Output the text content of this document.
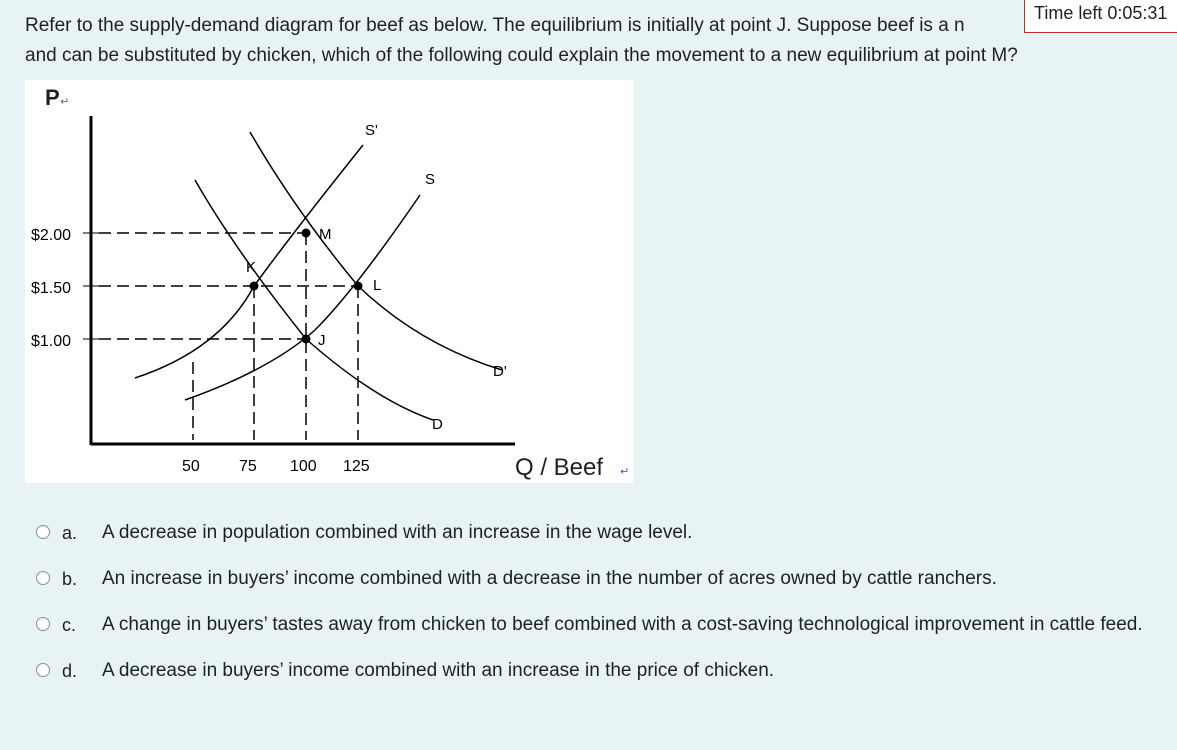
Refer to the supply-demand diagram for beef as below. The equilibrium is initially at point J. Suppose beef is a n
and can be substituted by chicken, which of the following could explain the movement to a new equilibrium at point M?
Time left 0:05:31
P ↵
$2.00
$1.50
$1.00
50 75 100 125	Q / Beef ↵
S'
S
D'
D
M
K
L
J
a.	A decrease in population combined with an increase in the wage level.
b.	An increase in buyers’ income combined with a decrease in the number of acres owned by cattle ranchers.
c.	A change in buyers’ tastes away from chicken to beef combined with a cost-saving technological improvement in cattle feed.
d.	A decrease in buyers’ income combined with an increase in the price of chicken.
